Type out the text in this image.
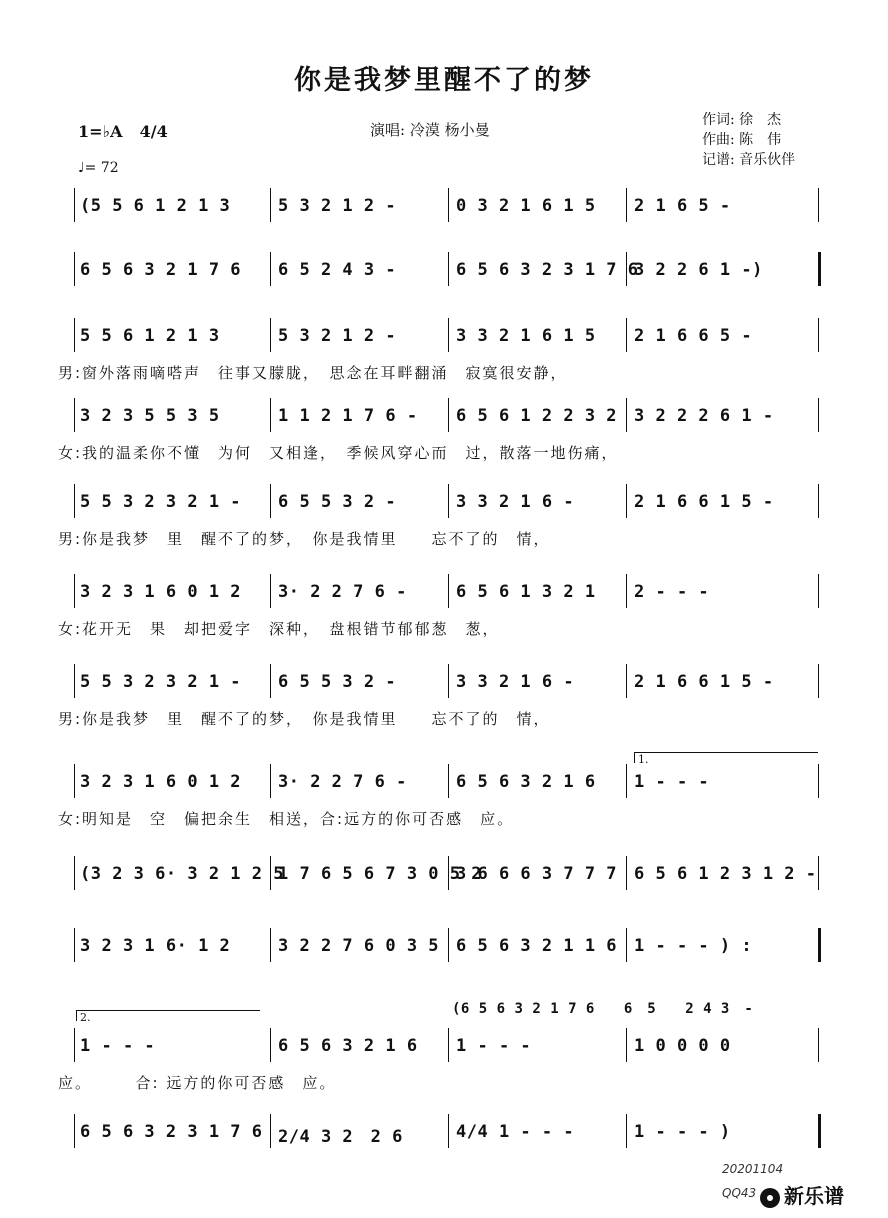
你是我梦里醒不了的梦
1=♭A 4/4
♩= 72
演唱: 冷漠 杨小曼
作词: 徐　杰
作曲: 陈　伟
记谱: 音乐伙伴
(5 5 6 1 2 1 3	5 3 2 1 2 -	0 3 2 1 6 1 5 2 1 6 5 -
6 5 6 3 2 1 7 6 6 5 2 4 3 -	6 5 6 3 2 3 1 7 6
3 2 2 6 1 -)
5 5 6 1 2 1 3	5 3 2 1 2 -	3 3 2 1 6 1 5 2 1 6 6 5 -
男:窗外落雨嘀嗒声　往事又朦胧，　思念在耳畔翻涌　寂寞很安静，
3 2 3 5 5 3 5	1 1 2 1 7 6 - 6 5 6 1 2 2 3 2 3 2 2 2 6 1 -
女:我的温柔你不懂　为何　又相逢，　季候风穿心而　过，散落一地伤痛，
5 5 3 2 3 2 1 - 6 5 5 3 2 -	3 3 2 1 6 -	2 1 6 6 1 5 -
男:你是我梦　里　醒不了的梦，　你是我情里　　忘不了的　情，
3 2 3 1 6 0 1 2 3· 2 2 7 6 -	6 5 6 1 3 2 1 2 - - -
女:花开无　果　却把爱字　深种，　盘根错节郁郁葱　葱，
5 5 3 2 3 2 1 - 6 5 5 3 2 -	3 3 2 1 6 -	2 1 6 6 1 5 -
男:你是我梦　里　醒不了的梦，　你是我情里　　忘不了的　情，
3 2 3 1 6 0 1 2 3· 2 2 7 6 -	6 5 6 3 2 1 6 1 - - -
女:明知是　空　偏把余生　相送，合:远方的你可否感　应。
(3 2 3 6· 3 2 1 2 5
1 7 6 5 6 7 3 0 5 2
3 6 6 6 3 7 7 7 6 5 6 1 2 3 1 2 -
3 2 3 1 6· 1 2	3 2 2 7 6 0 3 5 6 5 6 3 2 1 1 6 1 - - - ) :
1 - - -	6 5 6 3 2 1 6 1 - - -	1 0 0 0 0
(6 5 6 3 2 1 7 6　　6　5　　2 4 3　-
应。　　　合: 远方的你可否感　应。
6 5 6 3 2 3 1 7 6 2/4 3 2　2 6	4/4 1 - - -	1 - - - )
1.
2.
20201104
QQ43	新乐谱
